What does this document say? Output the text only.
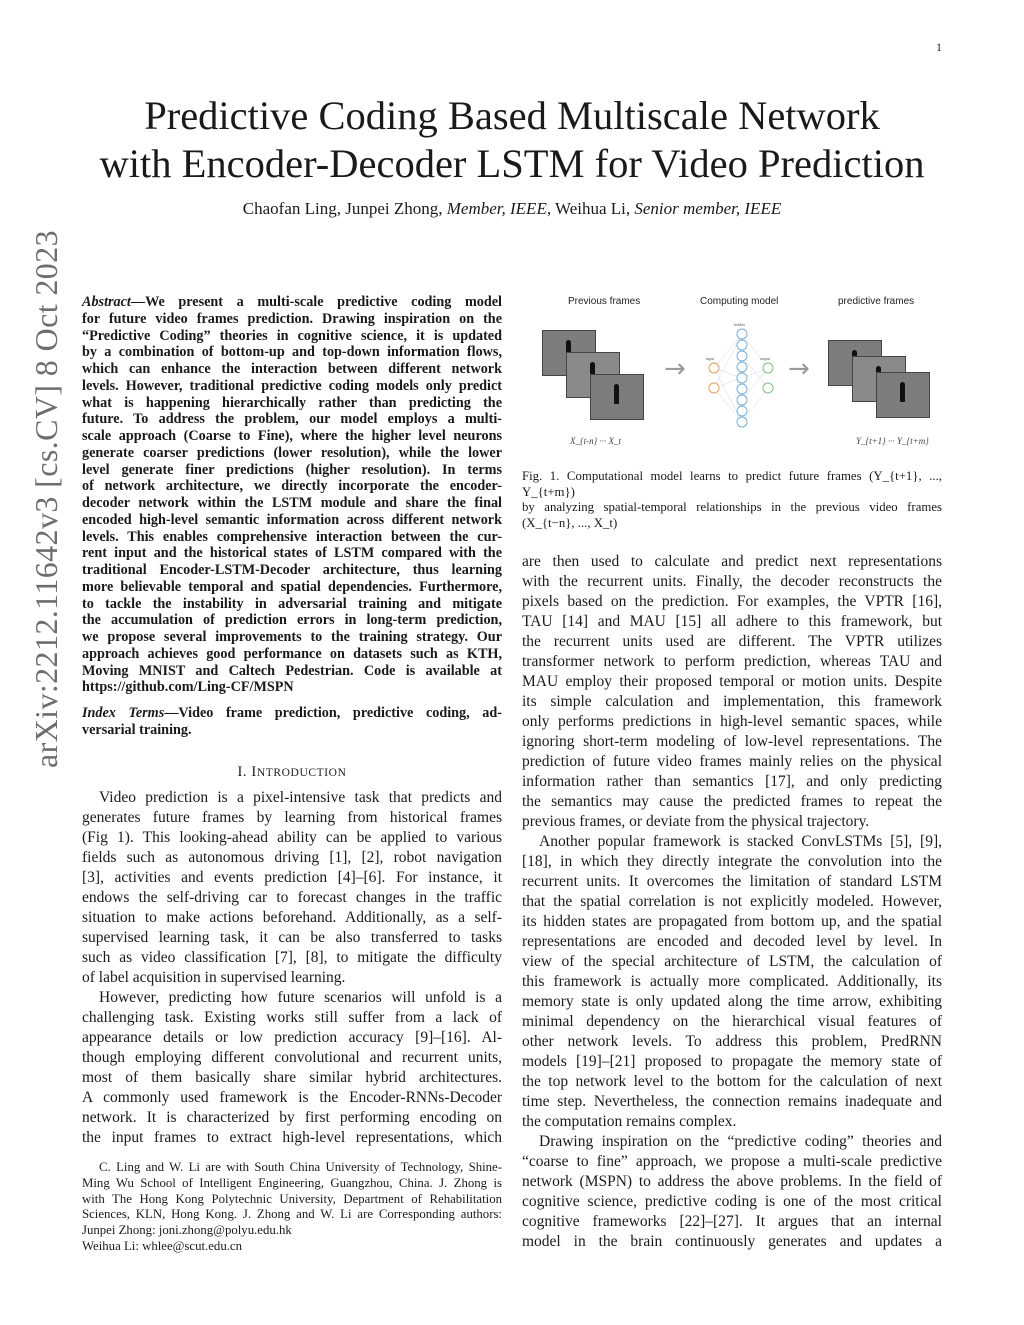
1
Predictive Coding Based Multiscale Network
with Encoder-Decoder LSTM for Video Prediction
Chaofan Ling, Junpei Zhong, Member, IEEE, Weihua Li, Senior member, IEEE
arXiv:2212.11642v3 [cs.CV] 8 Oct 2023 Abstract—We present a multi-scale predictive coding model

for future video frames prediction. Drawing inspiration on the

“Predictive Coding” theories in cognitive science, it is updated

by a combination of bottom-up and top-down information flows,

which can enhance the interaction between different network

levels. However, traditional predictive coding models only predict

what is happening hierarchically rather than predicting the

future. To address the problem, our model employs a multi-

scale approach (Coarse to Fine), where the higher level neurons

generate coarser predictions (lower resolution), while the lower

level generate finer predictions (higher resolution). In terms

of network architecture, we directly incorporate the encoder-

decoder network within the LSTM module and share the final

encoded high-level semantic information across different network

levels. This enables comprehensive interaction between the cur-

rent input and the historical states of LSTM compared with the

traditional Encoder-LSTM-Decoder architecture, thus learning

more believable temporal and spatial dependencies. Furthermore,

to tackle the instability in adversarial training and mitigate

the accumulation of prediction errors in long-term prediction,

we propose several improvements to the training strategy. Our

approach achieves good performance on datasets such as KTH,

Moving MNIST and Caltech Pedestrian. Code is available at

https://github.com/Ling-CF/MSPN

Index Terms—Video frame prediction, predictive coding, ad-

versarial training.

I. INTRODUCTION

Video prediction is a pixel-intensive task that predicts and

generates future frames by learning from historical frames

(Fig 1). This looking-ahead ability can be applied to various

fields such as autonomous driving [1], [2], robot navigation

[3], activities and events prediction [4]–[6]. For instance, it

endows the self-driving car to forecast changes in the traffic

situation to make actions beforehand. Additionally, as a self-

supervised learning task, it can be also transferred to tasks

such as video classification [7], [8], to mitigate the difficulty

of label acquisition in supervised learning.

However, predicting how future scenarios will unfold is a

challenging task. Existing works still suffer from a lack of

appearance details or low prediction accuracy [9]–[16]. Al-

though employing different convolutional and recurrent units,

most of them basically share similar hybrid architectures.

A commonly used framework is the Encoder-RNNs-Decoder

network. It is characterized by first performing encoding on

the input frames to extract high-level representations, which

C. Ling and W. Li are with South China University of Technology, Shine-

Ming Wu School of Intelligent Engineering, Guangzhou, China. J. Zhong is

with The Hong Kong Polytechnic University, Department of Rehabilitation

Sciences, KLN, Hong Kong. J. Zhong and W. Li are Corresponding authors:

Junpei Zhong: joni.zhong@polyu.edu.hk

Weihua Li: whlee@scut.edu.cn

Previous frames	Computing model	predictive frames
→	input
hidden
output →
X_{t-n} ··· X_t	Y_{t+1} ··· Y_{t+m}

Fig. 1. Computational model learns to predict future frames (Y_{t+1}, ..., Y_{t+m})

by analyzing spatial-temporal relationships in the previous video frames

(X_{t−n}, ..., X_t)

are then used to calculate and predict next representations

with the recurrent units. Finally, the decoder reconstructs the

pixels based on the prediction. For examples, the VPTR [16],

TAU [14] and MAU [15] all adhere to this framework, but

the recurrent units used are different. The VPTR utilizes

transformer network to perform prediction, whereas TAU and

MAU employ their proposed temporal or motion units. Despite

its simple calculation and implementation, this framework

only performs predictions in high-level semantic spaces, while

ignoring short-term modeling of low-level representations. The

prediction of future video frames mainly relies on the physical

information rather than semantics [17], and only predicting

the semantics may cause the predicted frames to repeat the

previous frames, or deviate from the physical trajectory.

Another popular framework is stacked ConvLSTMs [5], [9],

[18], in which they directly integrate the convolution into the

recurrent units. It overcomes the limitation of standard LSTM

that the spatial correlation is not explicitly modeled. However,

its hidden states are propagated from bottom up, and the spatial

representations are encoded and decoded level by level. In

view of the special architecture of LSTM, the calculation of

this framework is actually more complicated. Additionally, its

memory state is only updated along the time arrow, exhibiting

minimal dependency on the hierarchical visual features of

other network levels. To address this problem, PredRNN

models [19]–[21] proposed to propagate the memory state of

the top network level to the bottom for the calculation of next

time step. Nevertheless, the connection remains inadequate and

the computation remains complex.

Drawing inspiration on the “predictive coding” theories and

“coarse to fine” approach, we propose a multi-scale predictive

network (MSPN) to address the above problems. In the field of

cognitive science, predictive coding is one of the most critical

cognitive frameworks [22]–[27]. It argues that an internal

model in the brain continuously generates and updates a
